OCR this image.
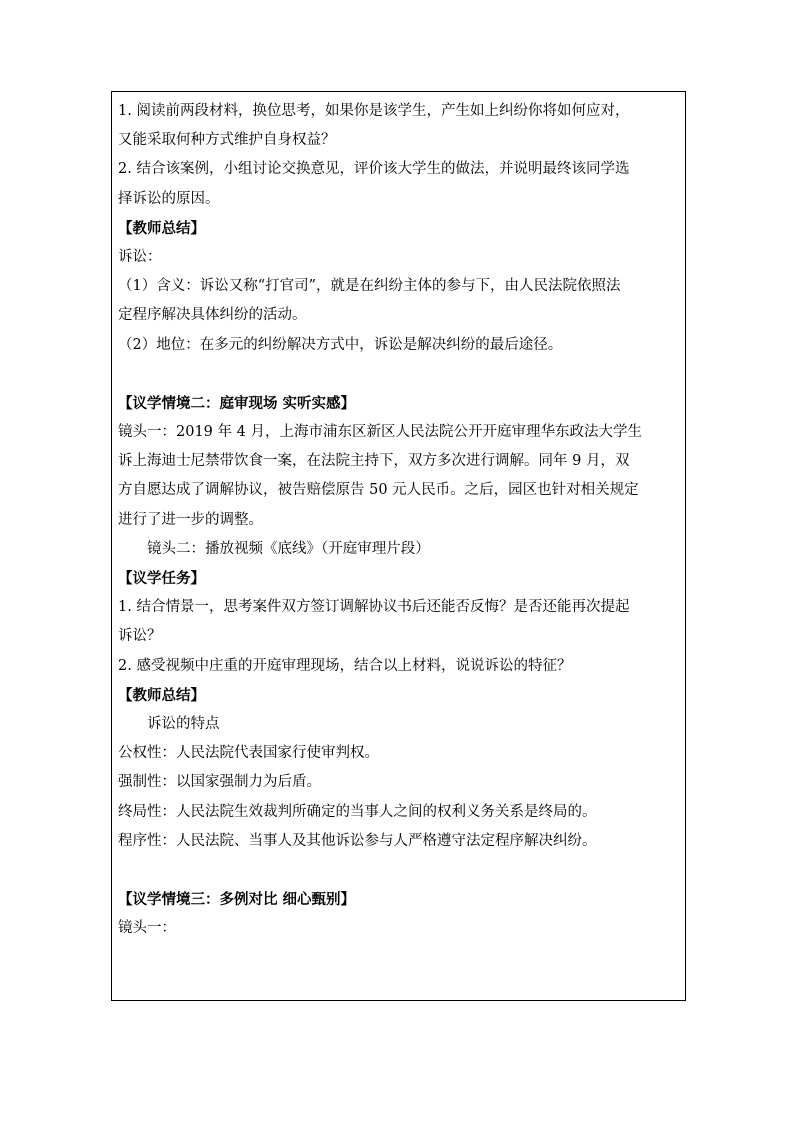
1. 阅读前两段材料，换位思考，如果你是该学生，产生如上纠纷你将如何应对，
又能采取何种方式维护自身权益？
2. 结合该案例，小组讨论交换意见，评价该大学生的做法，并说明最终该同学选
择诉讼的原因。
【教师总结】
诉讼：
（1）含义：诉讼又称“打官司”，就是在纠纷主体的参与下，由人民法院依照法
定程序解决具体纠纷的活动。
（2）地位：在多元的纠纷解决方式中，诉讼是解决纠纷的最后途径。
【议学情境二：庭审现场 实听实感】
镜头一：2019 年 4 月，上海市浦东区新区人民法院公开开庭审理华东政法大学生
诉上海迪士尼禁带饮食一案，在法院主持下，双方多次进行调解。同年 9 月，双
方自愿达成了调解协议，被告赔偿原告 50 元人民币。之后，园区也针对相关规定
进行了进一步的调整。
镜头二：播放视频《底线》（开庭审理片段）
【议学任务】
1. 结合情景一，思考案件双方签订调解协议书后还能否反悔？是否还能再次提起
诉讼？
2. 感受视频中庄重的开庭审理现场，结合以上材料，说说诉讼的特征？
【教师总结】
诉讼的特点
公权性：人民法院代表国家行使审判权。
强制性：以国家强制力为后盾。
终局性：人民法院生效裁判所确定的当事人之间的权利义务关系是终局的。
程序性：人民法院、当事人及其他诉讼参与人严格遵守法定程序解决纠纷。
【议学情境三：多例对比 细心甄别】
镜头一：
